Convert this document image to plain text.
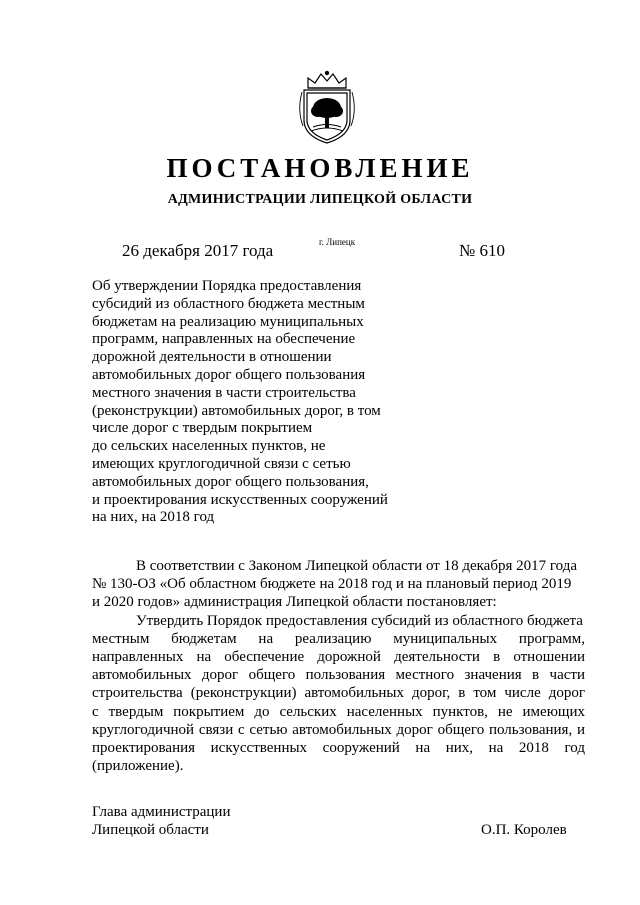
ПОСТАНОВЛЕНИЕ
АДМИНИСТРАЦИИ ЛИПЕЦКОЙ ОБЛАСТИ
26 декабря 2017 года	г. Липецк	№ 610
Об утверждении Порядка предоставления
субсидий из областного бюджета местным
бюджетам на реализацию муниципальных
программ, направленных на обеспечение
дорожной деятельности в отношении
автомобильных дорог общего пользования
местного значения в части строительства
(реконструкции) автомобильных дорог, в том
числе дорог с твердым покрытием
до сельских населенных пунктов, не
имеющих круглогодичной связи с сетью
автомобильных дорог общего пользования,
и проектирования искусственных сооружений
на них, на 2018 год
В соответствии с Законом Липецкой области от 18 декабря 2017 года
№ 130-ОЗ «Об областном бюджете на 2018 год и на плановый период 2019
и 2020 годов» администрация Липецкой области постановляет:
Утвердить Порядок предоставления субсидий из областного бюджета
местным бюджетам на реализацию муниципальных программ,
направленных на обеспечение дорожной деятельности в отношении
автомобильных дорог общего пользования местного значения в части
строительства (реконструкции) автомобильных дорог, в том числе дорог
с твердым покрытием до сельских населенных пунктов, не имеющих
круглогодичной связи с сетью автомобильных дорог общего пользования, и
проектирования искусственных сооружений на них, на 2018 год
(приложение).
Глава администрации
Липецкой области	О.П. Королев
